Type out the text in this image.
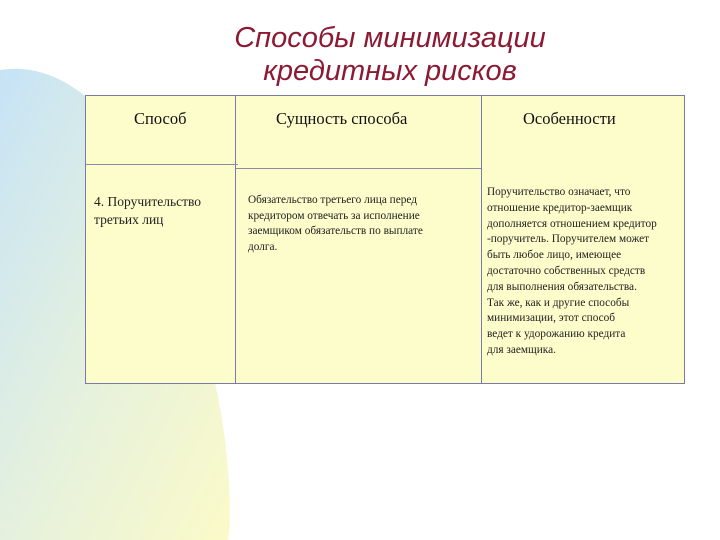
Способы минимизации
кредитных рисков
Способ	Сущность способа	Особенности
4. Поручительство
третьих лиц
Обязательство третьего лица перед
кредитором отвечать за исполнение
заемщиком обязательств по выплате
долга.
Поручительство означает, что
отношение кредитор-заемщик
дополняется отношением кредитор
-поручитель. Поручителем может
быть любое лицо, имеющее
достаточно собственных средств
для выполнения обязательства.
Так же, как и другие способы
минимизации, этот способ
ведет к удорожанию кредита
для заемщика.
